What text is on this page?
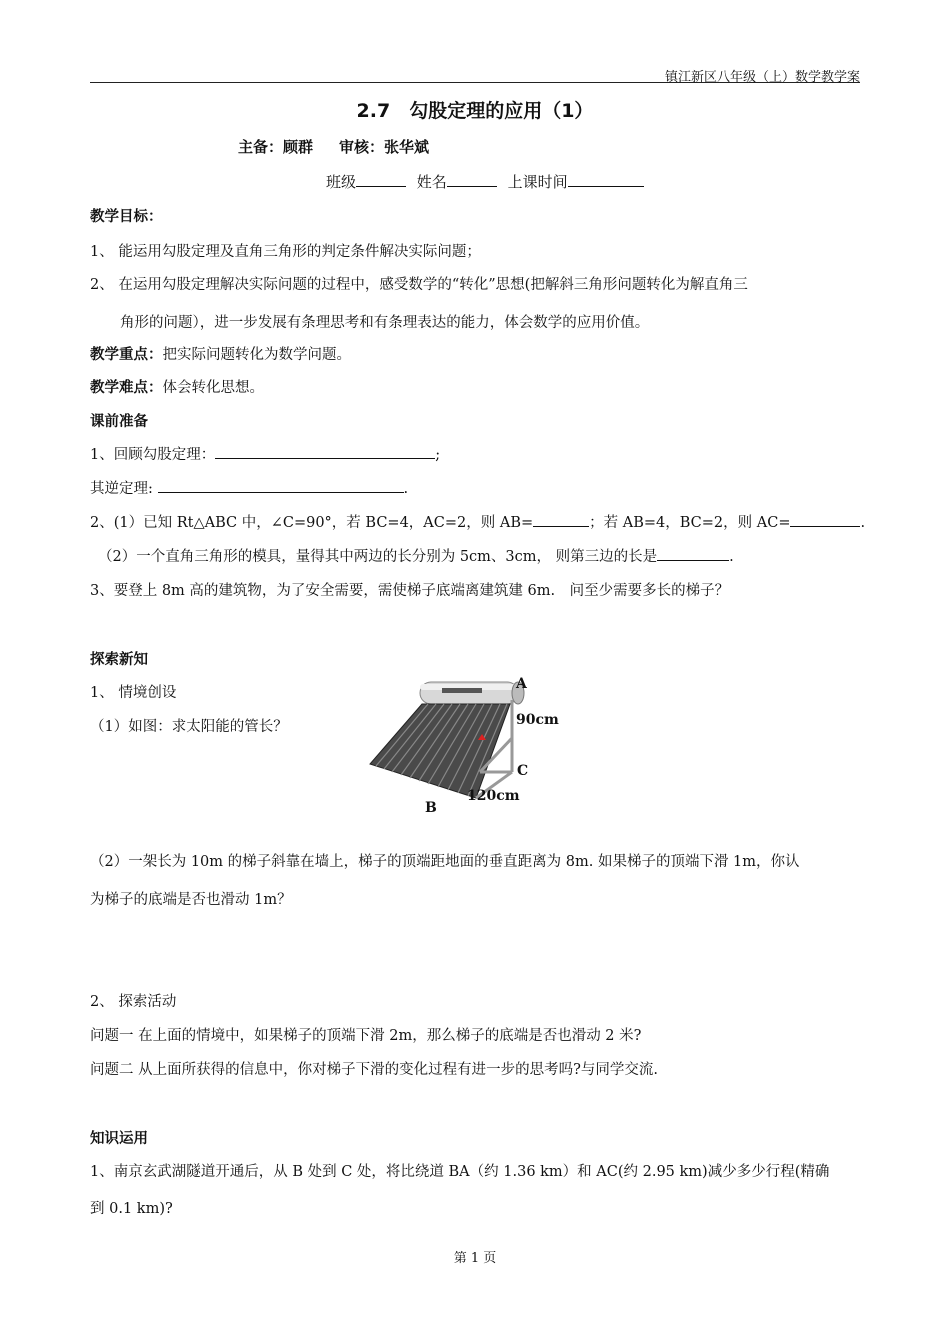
镇江新区八年级（上）数学教学案
2.7　勾股定理的应用（1）
主备：顾群 审核：张华斌
班级	姓名	上课时间
教学目标：
1、 能运用勾股定理及直角三角形的判定条件解决实际问题；
2、 在运用勾股定理解决实际问题的过程中，感受数学的“转化”思想(把解斜三角形问题转化为解直角三
角形的问题），进一步发展有条理思考和有条理表达的能力，体会数学的应用价值。
教学重点：把实际问题转化为数学问题。
教学难点：体会转化思想。
课前准备
1、回顾勾股定理：	;
其逆定理:	.
2、(1）已知 Rt△ABC 中，∠C=90°，若 BC=4，AC=2，则 AB=	；若 AB=4，BC=2，则 AC=	.
（2）一个直角三角形的模具，量得其中两边的长分别为 5cm、3cm， 则第三边的长是	.
3、要登上 8m 高的建筑物，为了安全需要，需使梯子底端离建筑建 6m.　问至少需要多长的梯子？
探索新知
1、 情境创设
（1）如图：求太阳能的管长？
A
90cm
C
120cm
B
（2）一架长为 10m 的梯子斜靠在墙上，梯子的顶端距地面的垂直距离为 8m. 如果梯子的顶端下滑 1m，你认
为梯子的底端是否也滑动 1m？
2、 探索活动
问题一 在上面的情境中，如果梯子的顶端下滑 2m，那么梯子的底端是否也滑动 2 米?
问题二 从上面所获得的信息中，你对梯子下滑的变化过程有进一步的思考吗?与同学交流.
知识运用
1、南京玄武湖隧道开通后，从 B 处到 C 处，将比绕道 BA（约 1.36 km）和 AC(约 2.95 km)减少多少行程(精确
到 0.1 km)?
第 1 页
